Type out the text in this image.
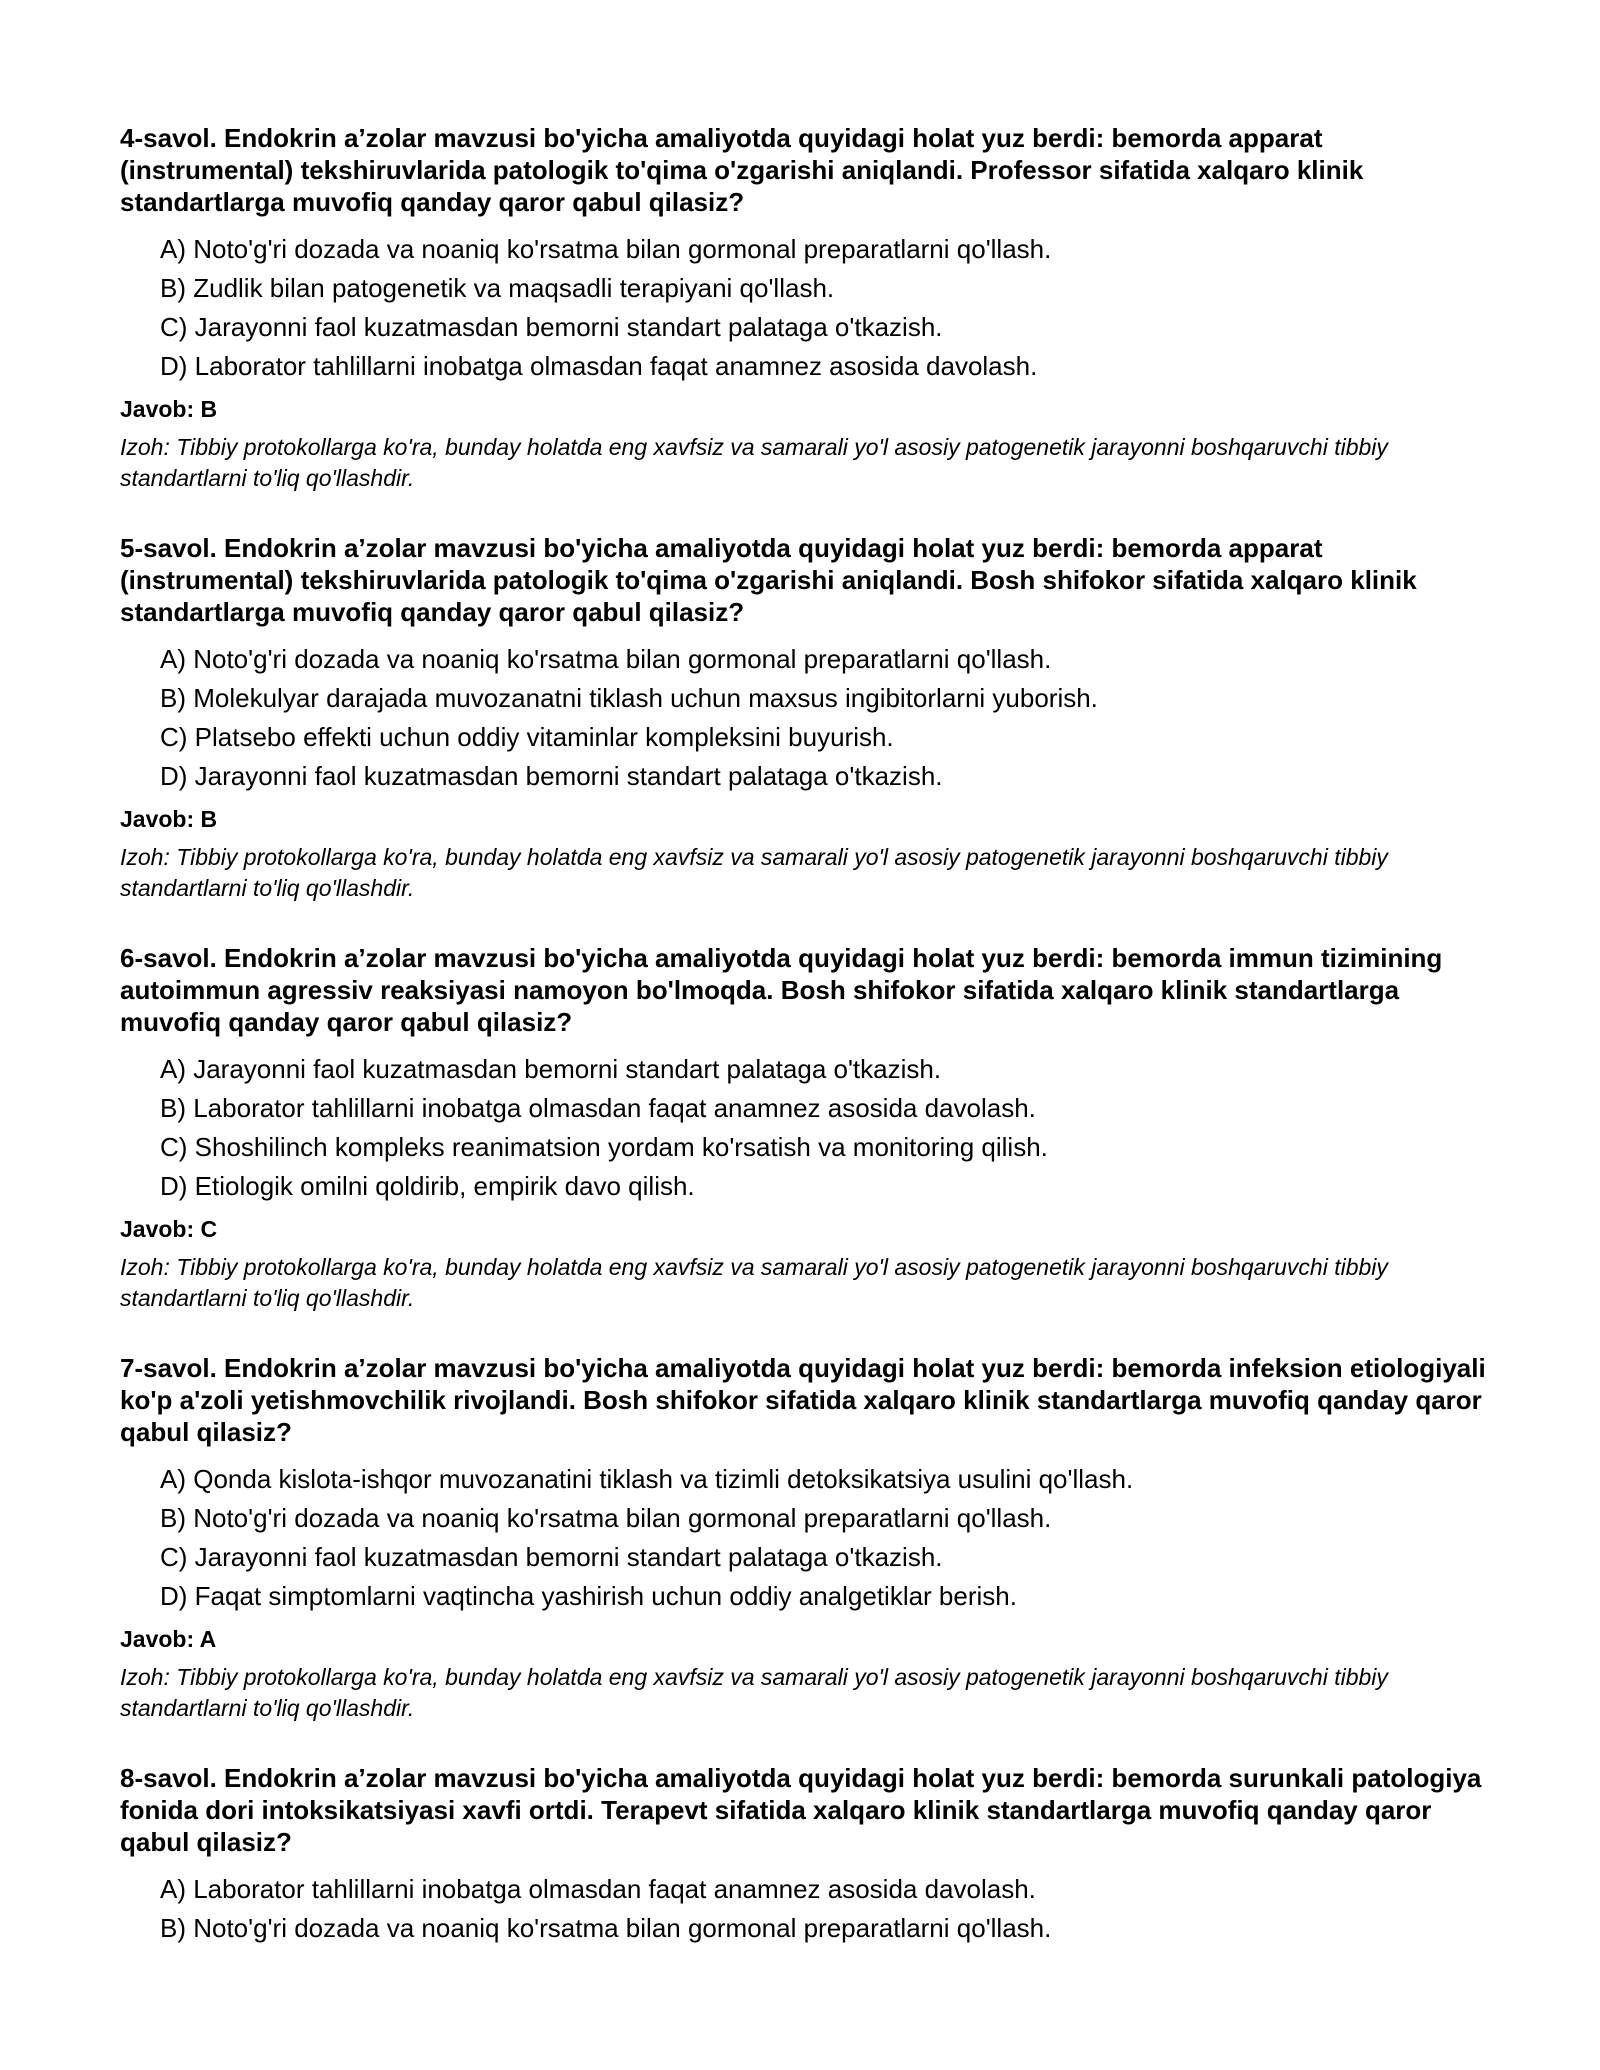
4-savol. Endokrin a’zolar mavzusi bo'yicha amaliyotda quyidagi holat yuz berdi: bemorda apparat (instrumental) tekshiruvlarida patologik to'qima o'zgarishi aniqlandi. Professor sifatida xalqaro klinik standartlarga muvofiq qanday qaror qabul qilasiz?

A) Noto'g'ri dozada va noaniq ko'rsatma bilan gormonal preparatlarni qo'llash.
B) Zudlik bilan patogenetik va maqsadli terapiyani qo'llash.
C) Jarayonni faol kuzatmasdan bemorni standart palataga o'tkazish.
D) Laborator tahlillarni inobatga olmasdan faqat anamnez asosida davolash.

Javob: B

Izoh: Tibbiy protokollarga ko'ra, bunday holatda eng xavfsiz va samarali yo'l asosiy patogenetik jarayonni boshqaruvchi tibbiy standartlarni to'liq qo'llashdir.

5-savol. Endokrin a’zolar mavzusi bo'yicha amaliyotda quyidagi holat yuz berdi: bemorda apparat (instrumental) tekshiruvlarida patologik to'qima o'zgarishi aniqlandi. Bosh shifokor sifatida xalqaro klinik standartlarga muvofiq qanday qaror qabul qilasiz?

A) Noto'g'ri dozada va noaniq ko'rsatma bilan gormonal preparatlarni qo'llash.
B) Molekulyar darajada muvozanatni tiklash uchun maxsus ingibitorlarni yuborish.
C) Platsebo effekti uchun oddiy vitaminlar kompleksini buyurish.
D) Jarayonni faol kuzatmasdan bemorni standart palataga o'tkazish.

Javob: B

Izoh: Tibbiy protokollarga ko'ra, bunday holatda eng xavfsiz va samarali yo'l asosiy patogenetik jarayonni boshqaruvchi tibbiy standartlarni to'liq qo'llashdir.

6-savol. Endokrin a’zolar mavzusi bo'yicha amaliyotda quyidagi holat yuz berdi: bemorda immun tizimining autoimmun agressiv reaksiyasi namoyon bo'lmoqda. Bosh shifokor sifatida xalqaro klinik standartlarga muvofiq qanday qaror qabul qilasiz?

A) Jarayonni faol kuzatmasdan bemorni standart palataga o'tkazish.
B) Laborator tahlillarni inobatga olmasdan faqat anamnez asosida davolash.
C) Shoshilinch kompleks reanimatsion yordam ko'rsatish va monitoring qilish.
D) Etiologik omilni qoldirib, empirik davo qilish.

Javob: C

Izoh: Tibbiy protokollarga ko'ra, bunday holatda eng xavfsiz va samarali yo'l asosiy patogenetik jarayonni boshqaruvchi tibbiy standartlarni to'liq qo'llashdir.

7-savol. Endokrin a’zolar mavzusi bo'yicha amaliyotda quyidagi holat yuz berdi: bemorda infeksion etiologiyali ko'p a'zoli yetishmovchilik rivojlandi. Bosh shifokor sifatida xalqaro klinik standartlarga muvofiq qanday qaror qabul qilasiz?

A) Qonda kislota-ishqor muvozanatini tiklash va tizimli detoksikatsiya usulini qo'llash.
B) Noto'g'ri dozada va noaniq ko'rsatma bilan gormonal preparatlarni qo'llash.
C) Jarayonni faol kuzatmasdan bemorni standart palataga o'tkazish.
D) Faqat simptomlarni vaqtincha yashirish uchun oddiy analgetiklar berish.

Javob: A

Izoh: Tibbiy protokollarga ko'ra, bunday holatda eng xavfsiz va samarali yo'l asosiy patogenetik jarayonni boshqaruvchi tibbiy standartlarni to'liq qo'llashdir.

8-savol. Endokrin a’zolar mavzusi bo'yicha amaliyotda quyidagi holat yuz berdi: bemorda surunkali patologiya fonida dori intoksikatsiyasi xavfi ortdi. Terapevt sifatida xalqaro klinik standartlarga muvofiq qanday qaror qabul qilasiz?

A) Laborator tahlillarni inobatga olmasdan faqat anamnez asosida davolash.
B) Noto'g'ri dozada va noaniq ko'rsatma bilan gormonal preparatlarni qo'llash.
